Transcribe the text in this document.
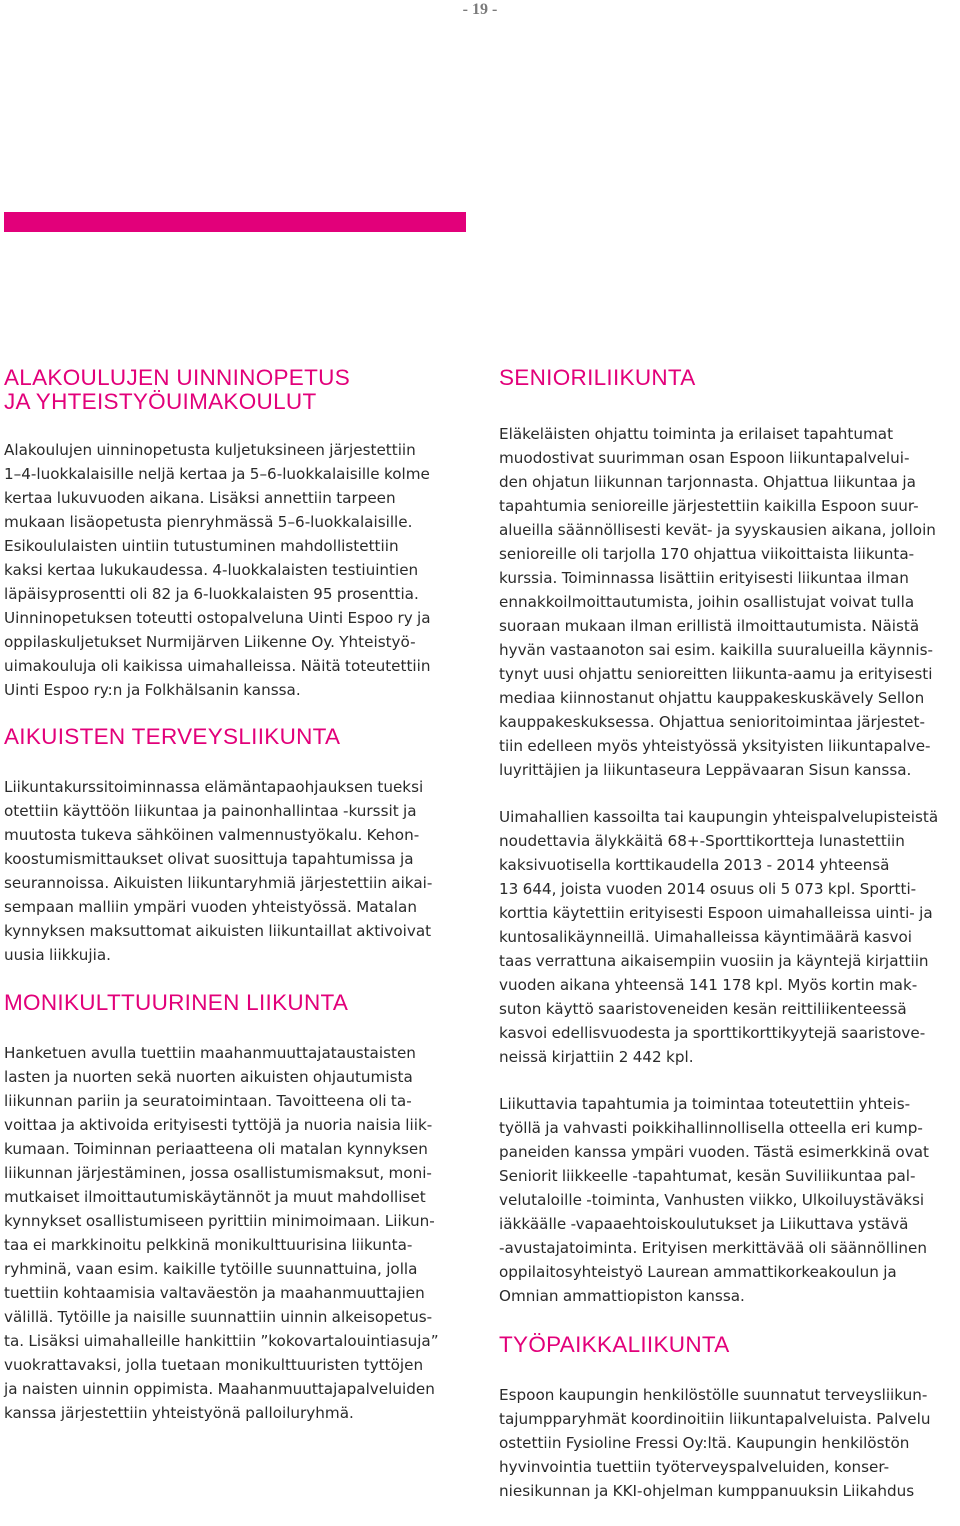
- 19 -
ALAKOULUJEN UINNINOPETUS
JA YHTEISTYÖUIMAKOULUT

Alakoulujen uinninopetusta kuljetuksineen järjestettiin
1–4-luokkalaisille neljä kertaa ja 5–6-luokkalaisille kolme
kertaa lukuvuoden aikana. Lisäksi annettiin tarpeen
mukaan lisäopetusta pienryhmässä 5–6-luokkalaisille.
Esikoululaisten uintiin tutustuminen mahdollistettiin
kaksi kertaa lukukaudessa. 4-luokkalaisten testiuintien
läpäisyprosentti oli 82 ja 6-luokkalaisten 95 prosenttia.
Uinninopetuksen toteutti ostopalveluna Uinti Espoo ry ja
oppilaskuljetukset Nurmijärven Liikenne Oy. Yhteistyö-
uimakouluja oli kaikissa uimahalleissa. Näitä toteutettiin
Uinti Espoo ry:n ja Folkhälsanin kanssa.

AIKUISTEN TERVEYSLIIKUNTA

Liikuntakurssitoiminnassa elämäntapaohjauksen tueksi
otettiin käyttöön liikuntaa ja painonhallintaa -kurssit ja
muutosta tukeva sähköinen valmennustyökalu. Kehon-
koostumismittaukset olivat suosittuja tapahtumissa ja
seurannoissa. Aikuisten liikuntaryhmiä järjestettiin aikai-
sempaan malliin ympäri vuoden yhteistyössä. Matalan
kynnyksen maksuttomat aikuisten liikuntaillat aktivoivat
uusia liikkujia.

MONIKULTTUURINEN LIIKUNTA

Hanketuen avulla tuettiin maahanmuuttajataustaisten
lasten ja nuorten sekä nuorten aikuisten ohjautumista
liikunnan pariin ja seuratoimintaan. Tavoitteena oli ta-
voittaa ja aktivoida erityisesti tyttöjä ja nuoria naisia liik-
kumaan. Toiminnan periaatteena oli matalan kynnyksen
liikunnan järjestäminen, jossa osallistumismaksut, moni-
mutkaiset ilmoittautumiskäytännöt ja muut mahdolliset
kynnykset osallistumiseen pyrittiin minimoimaan. Liikun-
taa ei markkinoitu pelkkinä monikulttuurisina liikunta-
ryhminä, vaan esim. kaikille tytöille suunnattuina, jolla
tuettiin kohtaamisia valtaväestön ja maahanmuuttajien
välillä. Tytöille ja naisille suunnattiin uinnin alkeisopetus-
ta. Lisäksi uimahalleille hankittiin ”kokovartalouintiasuja”
vuokrattavaksi, jolla tuetaan monikulttuuristen tyttöjen
ja naisten uinnin oppimista. Maahanmuuttajapalveluiden
kanssa järjestettiin yhteistyönä palloiluryhmä.

SENIORILIIKUNTA

Eläkeläisten ohjattu toiminta ja erilaiset tapahtumat
muodostivat suurimman osan Espoon liikuntapalvelui-
den ohjatun liikunnan tarjonnasta. Ohjattua liikuntaa ja
tapahtumia senioreille järjestettiin kaikilla Espoon suur-
alueilla säännöllisesti kevät- ja syyskausien aikana, jolloin
senioreille oli tarjolla 170 ohjattua viikoittaista liikunta-
kurssia. Toiminnassa lisättiin erityisesti liikuntaa ilman
ennakkoilmoittautumista, joihin osallistujat voivat tulla
suoraan mukaan ilman erillistä ilmoittautumista. Näistä
hyvän vastaanoton sai esim. kaikilla suuralueilla käynnis-
tynyt uusi ohjattu senioreitten liikunta-aamu ja erityisesti
mediaa kiinnostanut ohjattu kauppakeskuskävely Sellon
kauppakeskuksessa. Ohjattua senioritoimintaa järjestet-
tiin edelleen myös yhteistyössä yksityisten liikuntapalve-
luyrittäjien ja liikuntaseura Leppävaaran Sisun kanssa.

Uimahallien kassoilta tai kaupungin yhteispalvelupisteistä
noudettavia älykkäitä 68+-Sporttikortteja lunastettiin
kaksivuotisella korttikaudella 2013 - 2014 yhteensä
13 644, joista vuoden 2014 osuus oli 5 073 kpl. Sportti-
korttia käytettiin erityisesti Espoon uimahalleissa uinti- ja
kuntosalikäynneillä. Uimahalleissa käyntimäärä kasvoi
taas verrattuna aikaisempiin vuosiin ja käyntejä kirjattiin
vuoden aikana yhteensä 141 178 kpl. Myös kortin mak-
suton käyttö saaristoveneiden kesän reittiliikenteessä
kasvoi edellisvuodesta ja sporttikorttikyytejä saaristove-
neissä kirjattiin 2 442 kpl.

Liikuttavia tapahtumia ja toimintaa toteutettiin yhteis-
työllä ja vahvasti poikkihallinnollisella otteella eri kump-
paneiden kanssa ympäri vuoden. Tästä esimerkkinä ovat
Seniorit liikkeelle -tapahtumat, kesän Suviliikuntaa pal-
velutaloille -toiminta, Vanhusten viikko, Ulkoiluystäväksi
iäkkäälle -vapaaehtoiskoulutukset ja Liikuttava ystävä
-avustajatoiminta. Erityisen merkittävää oli säännöllinen
oppilaitosyhteistyö Laurean ammattikorkeakoulun ja
Omnian ammattiopiston kanssa.

TYÖPAIKKALIIKUNTA

Espoon kaupungin henkilöstölle suunnatut terveysliikun-
tajumpparyhmät koordinoitiin liikuntapalveluista. Palvelu
ostettiin Fysioline Fressi Oy:ltä. Kaupungin henkilöstön
hyvinvointia tuettiin työterveyspalveluiden, konser-
niesikunnan ja KKI-ohjelman kumppanuuksin Liikahdus
